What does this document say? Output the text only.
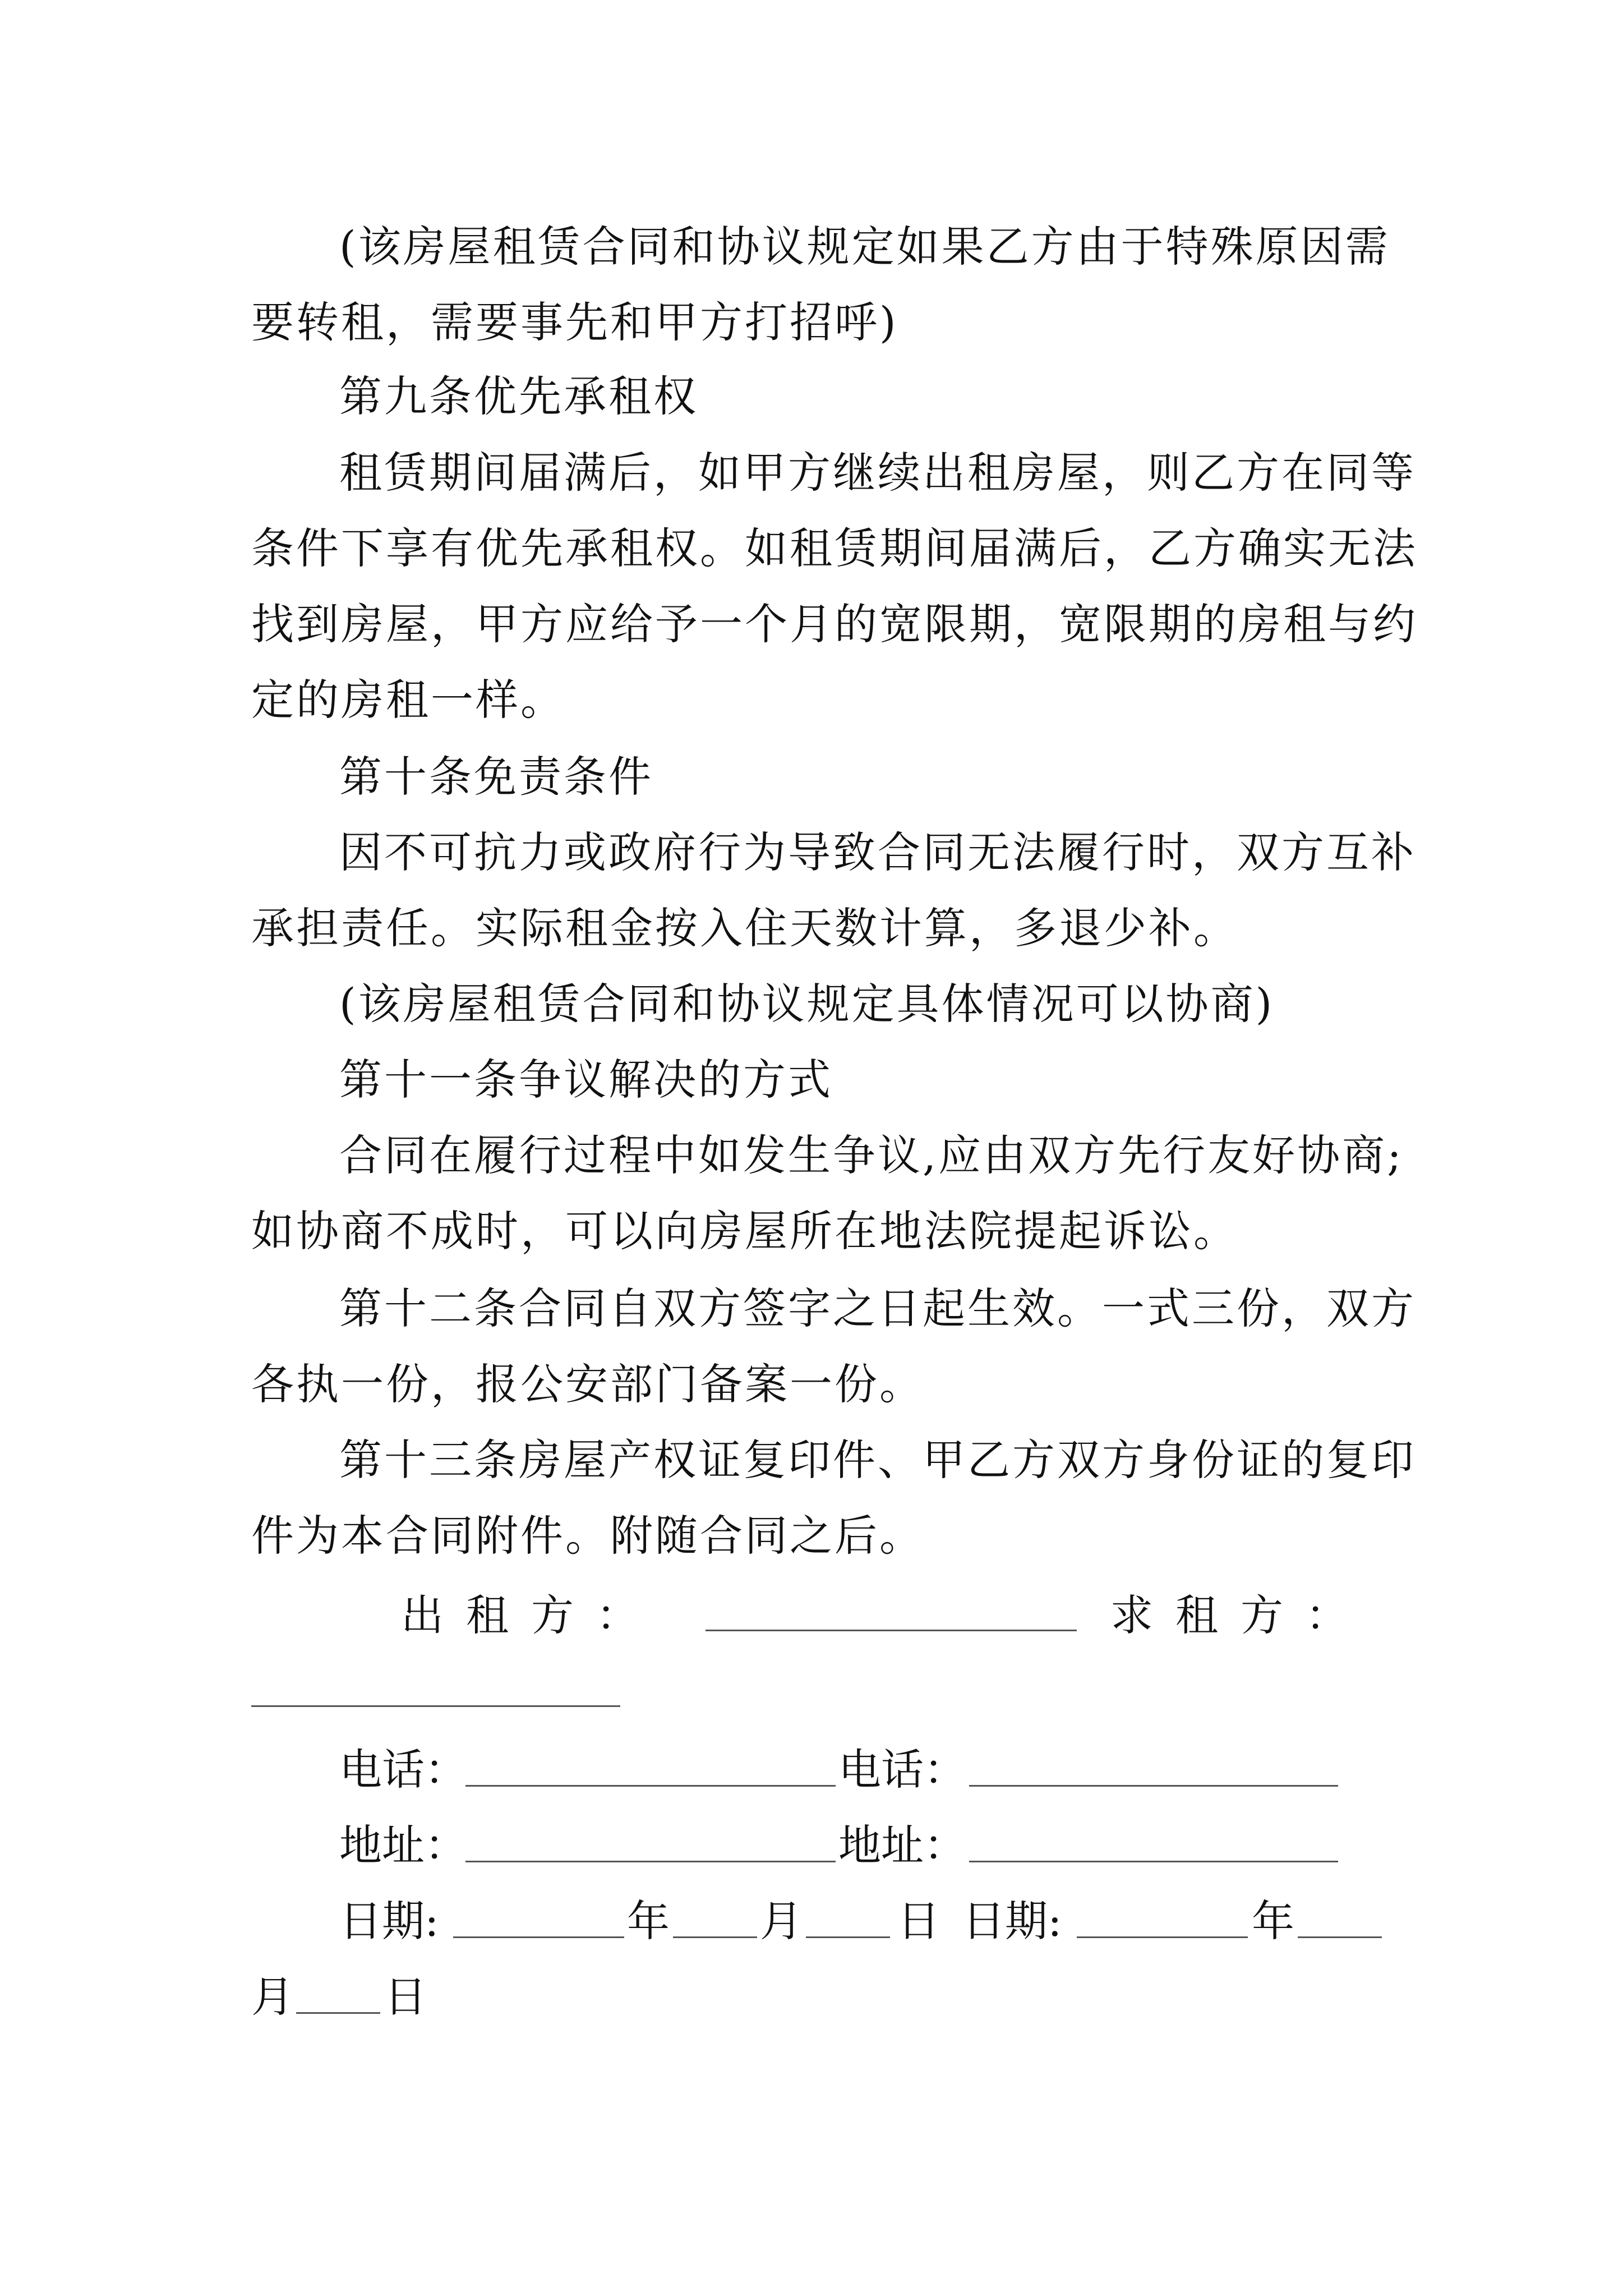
(该房屋租赁合同和协议规定如果乙方由于特殊原因需
要转租，需要事先和甲方打招呼)
第九条优先承租权
租赁期间届满后，如甲方继续出租房屋，则乙方在同等
条件下享有优先承租权。如租赁期间届满后，乙方确实无法
找到房屋，甲方应给予一个月的宽限期，宽限期的房租与约
定的房租一样。
第十条免责条件
因不可抗力或政府行为导致合同无法履行时，双方互补
承担责任。实际租金按入住天数计算，多退少补。
(该房屋租赁合同和协议规定具体情况可以协商)
第十一条争议解决的方式
合同在履行过程中如发生争议,应由双方先行友好协商;
如协商不成时，可以向房屋所在地法院提起诉讼。
第十二条合同自双方签字之日起生效。一式三份，双方
各执一份，报公安部门备案一份。
第十三条房屋产权证复印件、甲乙方双方身份证的复印
件为本合同附件。附随合同之后。
出租方：	求租方：
电话：	电话：
地址：	地址：
日期:	年 月 日 日期:	年
月 日
